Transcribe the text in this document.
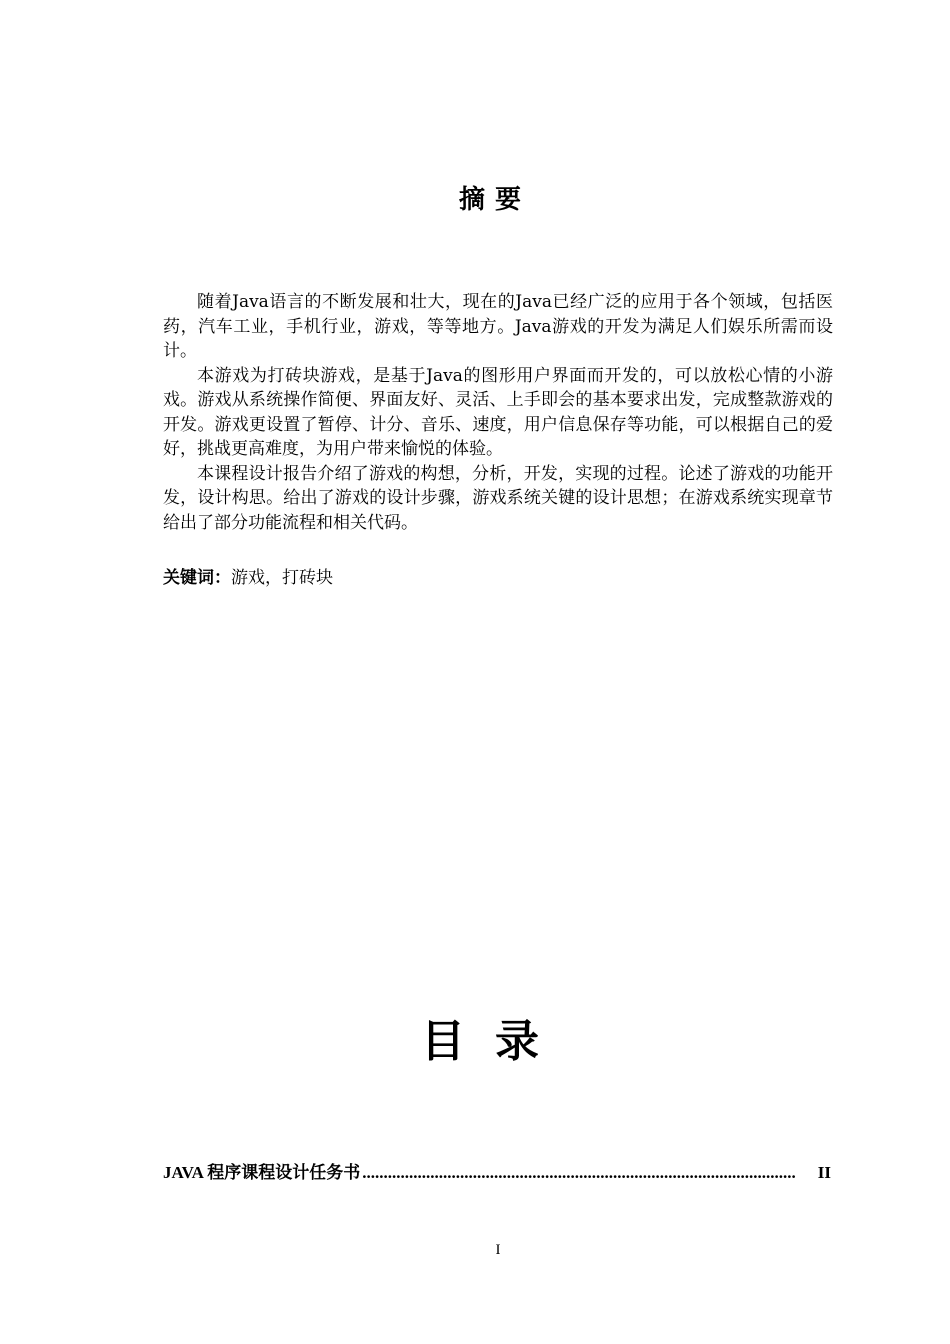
摘要

随着Java语言的不断发展和壮大，现在的Java已经广泛的应用于各个领域，包括医药，汽车工业，手机行业，游戏，等等地方。Java游戏的开发为满足人们娱乐所需而设计。

本游戏为打砖块游戏，是基于Java的图形用户界面而开发的，可以放松心情的小游戏。游戏从系统操作简便、界面友好、灵活、上手即会的基本要求出发，完成整款游戏的开发。游戏更设置了暂停、计分、音乐、速度，用户信息保存等功能，可以根据自己的爱好，挑战更高难度，为用户带来愉悦的体验。

本课程设计报告介绍了游戏的构想，分析，开发，实现的过程。论述了游戏的功能开发，设计构思。给出了游戏的设计步骤，游戏系统关键的设计思想；在游戏系统实现章节给出了部分功能流程和相关代码。

关键词：游戏，打砖块
目录
JAVA 程序课程设计任务书 ......................................................................................................	II
I
